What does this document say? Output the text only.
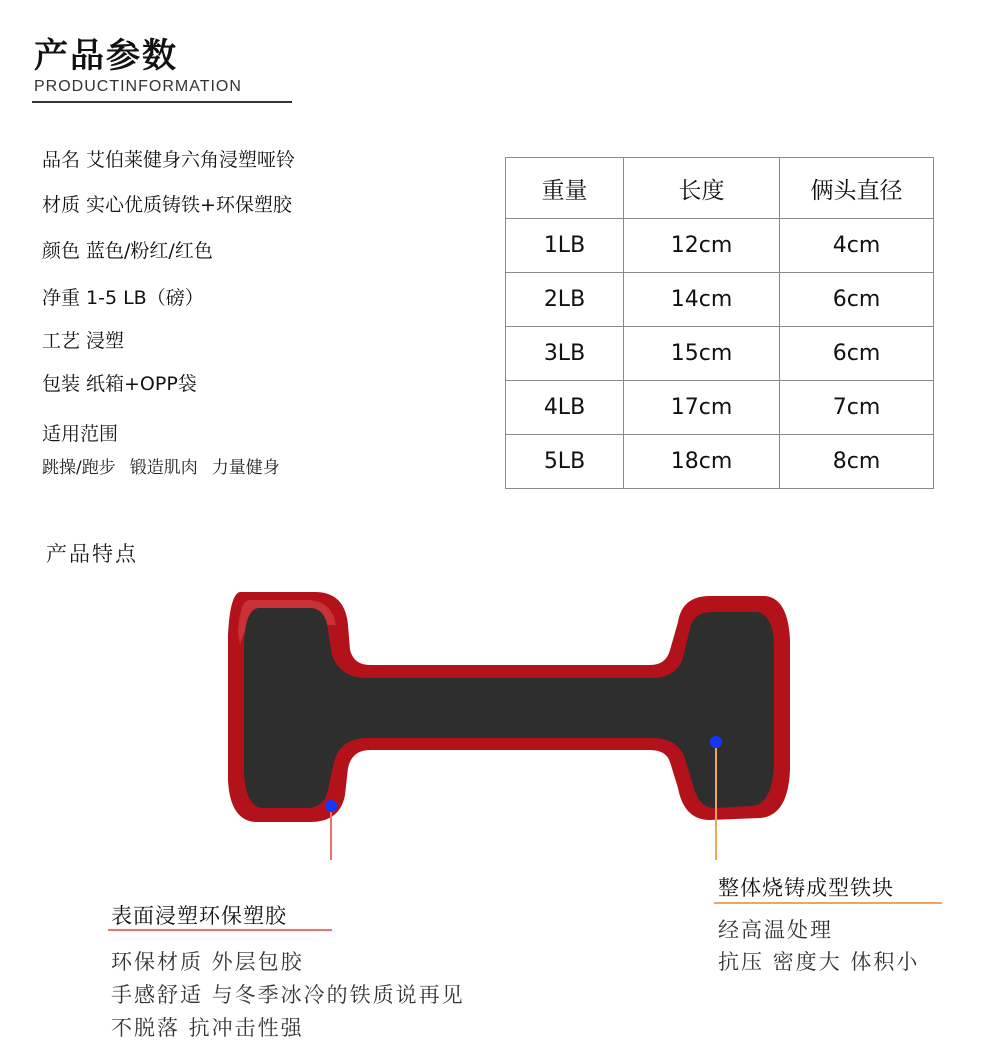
产品参数
PRODUCTINFORMATION
品名 艾伯莱健身六角浸塑哑铃
材质 实心优质铸铁+环保塑胶
颜色 蓝色/粉红/红色
净重 1-5 LB（磅）
工艺 浸塑
包装 纸箱+OPP袋
适用范围
跳操/跑步 锻造肌肉 力量健身
重量	长度	俩头直径
1LB	12cm	4cm
2LB	14cm	6cm
3LB	15cm	6cm
4LB	17cm	7cm
5LB	18cm	8cm
产品特点
表面浸塑环保塑胶
环保材质 外层包胶
手感舒适 与冬季冰冷的铁质说再见
不脱落 抗冲击性强
整体烧铸成型铁块
经高温处理
抗压 密度大 体积小
